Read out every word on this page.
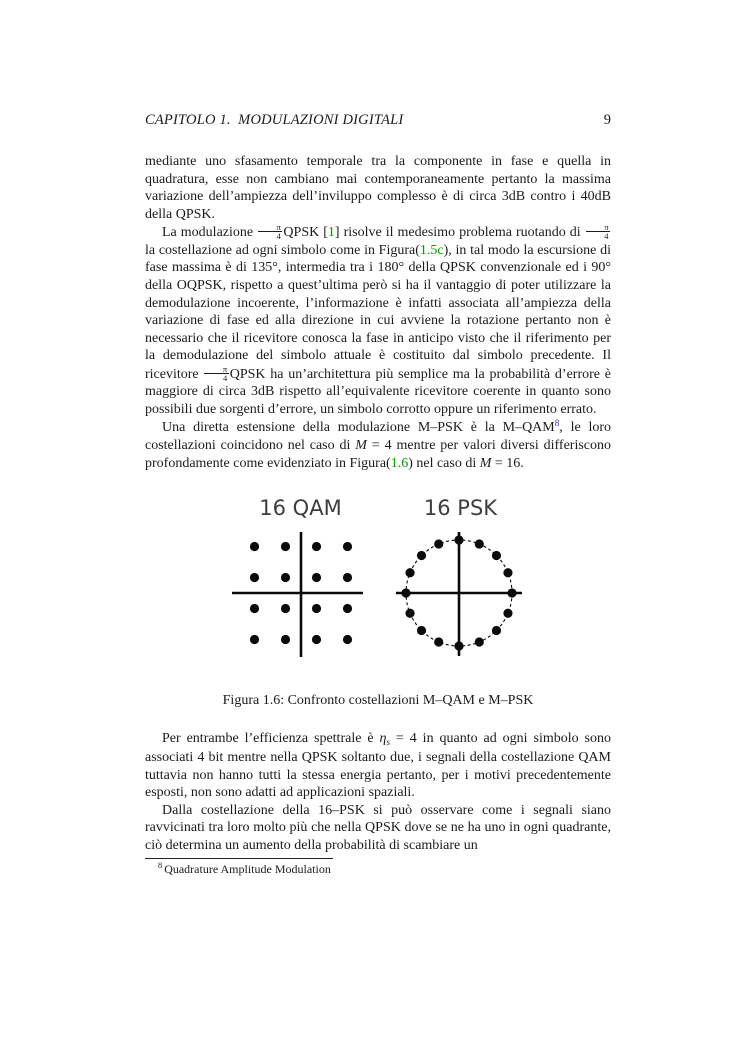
CAPITOLO 1. MODULAZIONI DIGITALI	9

mediante uno sfasamento temporale tra la componente in fase e quella in quadratura, esse non cambiano mai contemporaneamente pertanto la massima variazione dell’ampiezza dell’inviluppo complesso è di circa 3dB contro i 40dB della QPSK.

La modulazione $\frac{\pi}{4}$ QPSK [1] risolve il medesimo problema ruotando di $\frac{\pi}{4}$
la costellazione ad ogni simbolo come in Figura(1.5c), in tal modo la escursione di fase massima è di 135°, intermedia tra i 180° della QPSK convenzionale ed i 90° della OQPSK, rispetto a quest’ultima però si ha il vantaggio di poter utilizzare la demodulazione incoerente, l’informazione è infatti associata all’ampiezza della variazione di fase ed alla direzione in cui avviene la rotazione pertanto non è necessario che il ricevitore conosca la fase in anticipo visto che il riferimento per la demodulazione del simbolo attuale è costituito dal simbolo precedente. Il ricevitore $\frac{\pi}{4}$ QPSK ha un’architettura più semplice ma la probabilità d’errore è maggiore di circa 3dB rispetto all’equivalente ricevitore coerente in quanto sono possibili due sorgenti d’errore, un simbolo corrotto oppure un riferimento errato.

Una diretta estensione della modulazione M–PSK è la M–QAM$^8$, le loro costellazioni coincidono nel caso di M = 4 mentre per valori diversi differiscono profondamente come evidenziato in Figura(1.6) nel caso di M = 16.

16 QAM	16 PSK
Figura 1.6: Confronto costellazioni M–QAM e M–PSK

Per entrambe l’efficienza spettrale è ηs = 4 in quanto ad ogni simbolo sono associati 4 bit mentre nella QPSK soltanto due, i segnali della costellazione QAM tuttavia non hanno tutti la stessa energia pertanto, per i motivi precedentemente esposti, non sono adatti ad applicazioni spaziali.

Dalla costellazione della 16–PSK si può osservare come i segnali siano ravvicinati tra loro molto più che nella QPSK dove se ne ha uno in ogni quadrante, ciò determina un aumento della probabilità di scambiare un

$^8$ Quadrature Amplitude Modulation
